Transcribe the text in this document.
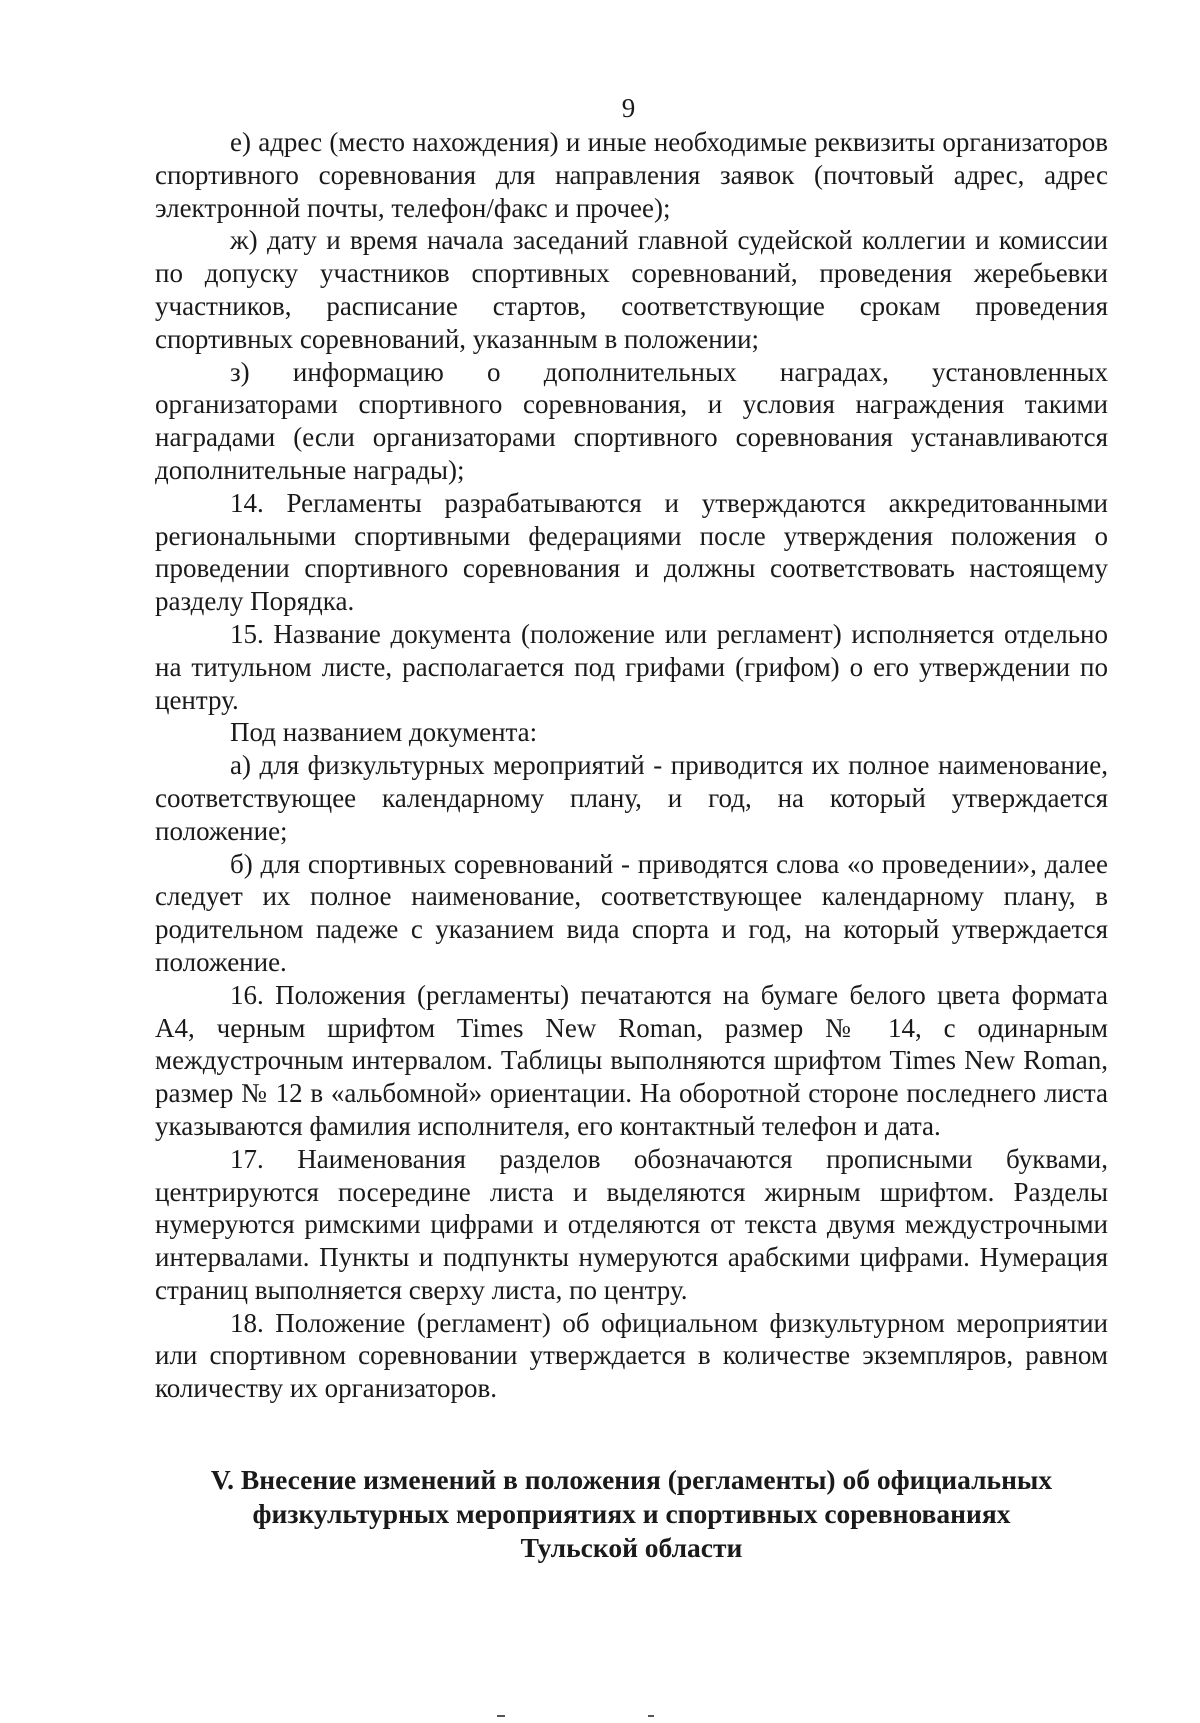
9

е) адрес (место нахождения) и иные необходимые реквизиты организаторов спортивного соревнования для направления заявок (почтовый адрес, адрес электронной почты, телефон/факс и прочее);

ж) дату и время начала заседаний главной судейской коллегии и комиссии по допуску участников спортивных соревнований, проведения жеребьевки участников, расписание стартов, соответствующие срокам проведения спортивных соревнований, указанным в положении;

з) информацию о дополнительных наградах, установленных организаторами спортивного соревнования, и условия награждения такими наградами (если организаторами спортивного соревнования устанавливаются дополнительные награды);

14. Регламенты разрабатываются и утверждаются аккредитованными региональными спортивными федерациями после утверждения положения о проведении спортивного соревнования и должны соответствовать настоящему разделу Порядка.

15. Название документа (положение или регламент) исполняется отдельно на титульном листе, располагается под грифами (грифом) о его утверждении по центру.

Под названием документа:

а) для физкультурных мероприятий - приводится их полное наименование, соответствующее календарному плану, и год, на который утверждается положение;

б) для спортивных соревнований - приводятся слова «о проведении», далее следует их полное наименование, соответствующее календарному плану, в родительном падеже с указанием вида спорта и год, на который утверждается положение.

16. Положения (регламенты) печатаются на бумаге белого цвета формата А4, черным шрифтом Times New Roman, размер № 14, с одинарным междустрочным интервалом. Таблицы выполняются шрифтом Times New Roman, размер № 12 в «альбомной» ориентации. На оборотной стороне последнего листа указываются фамилия исполнителя, его контактный телефон и дата.

17. Наименования разделов обозначаются прописными буквами, центрируются посередине листа и выделяются жирным шрифтом. Разделы нумеруются римскими цифрами и отделяются от текста двумя междустрочными интервалами. Пункты и подпункты нумеруются арабскими цифрами. Нумерация страниц выполняется сверху листа, по центру.

18. Положение (регламент) об официальном физкультурном мероприятии или спортивном соревновании утверждается в количестве экземпляров, равном количеству их организаторов.

V. Внесение изменений в положения (регламенты) об официальных
физкультурных мероприятиях и спортивных соревнованиях
Тульской области
